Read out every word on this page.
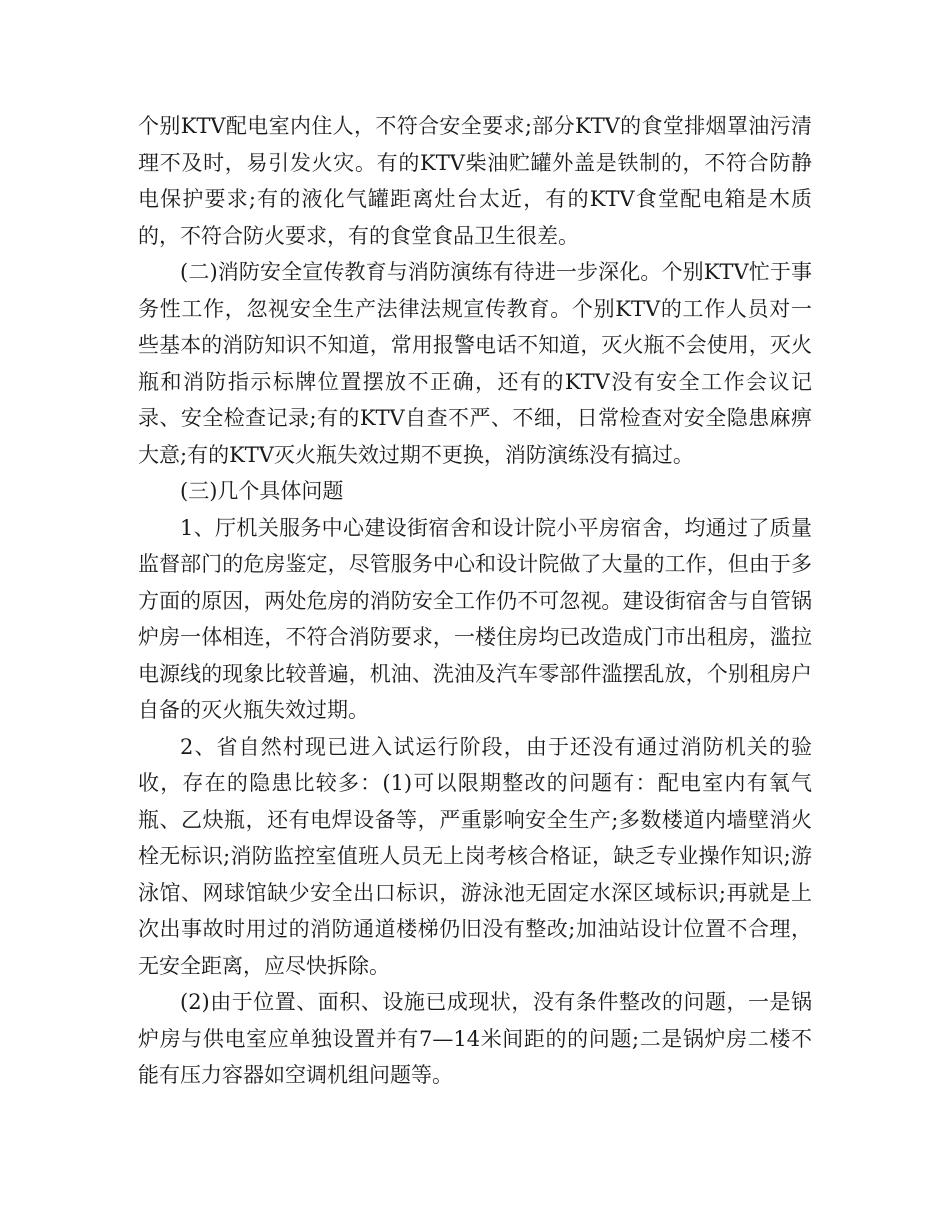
个别KTV配电室内住人，不符合安全要求;部分KTV的食堂排烟罩油污清理不及时，易引发火灾。有的KTV柴油贮罐外盖是铁制的，不符合防静电保护要求;有的液化气罐距离灶台太近，有的KTV食堂配电箱是木质的，不符合防火要求，有的食堂食品卫生很差。

(二)消防安全宣传教育与消防演练有待进一步深化。个别KTV忙于事务性工作，忽视安全生产法律法规宣传教育。个别KTV的工作人员对一些基本的消防知识不知道，常用报警电话不知道，灭火瓶不会使用，灭火瓶和消防指示标牌位置摆放不正确，还有的KTV没有安全工作会议记录、安全检查记录;有的KTV自查不严、不细，日常检查对安全隐患麻痹大意;有的KTV灭火瓶失效过期不更换，消防演练没有搞过。

(三)几个具体问题

1、厅机关服务中心建设街宿舍和设计院小平房宿舍，均通过了质量监督部门的危房鉴定，尽管服务中心和设计院做了大量的工作，但由于多方面的原因，两处危房的消防安全工作仍不可忽视。建设街宿舍与自管锅炉房一体相连，不符合消防要求，一楼住房均已改造成门市出租房，滥拉电源线的现象比较普遍，机油、洗油及汽车零部件滥摆乱放，个别租房户自备的灭火瓶失效过期。

2、省自然村现已进入试运行阶段，由于还没有通过消防机关的验收，存在的隐患比较多：(1)可以限期整改的问题有：配电室内有氧气瓶、乙炔瓶，还有电焊设备等，严重影响安全生产;多数楼道内墙壁消火栓无标识;消防监控室值班人员无上岗考核合格证，缺乏专业操作知识;游泳馆、网球馆缺少安全出口标识，游泳池无固定水深区域标识;再就是上次出事故时用过的消防通道楼梯仍旧没有整改;加油站设计位置不合理，无安全距离，应尽快拆除。

(2)由于位置、面积、设施已成现状，没有条件整改的问题，一是锅炉房与供电室应单独设置并有7—14米间距的的问题;二是锅炉房二楼不能有压力容器如空调机组问题等。
